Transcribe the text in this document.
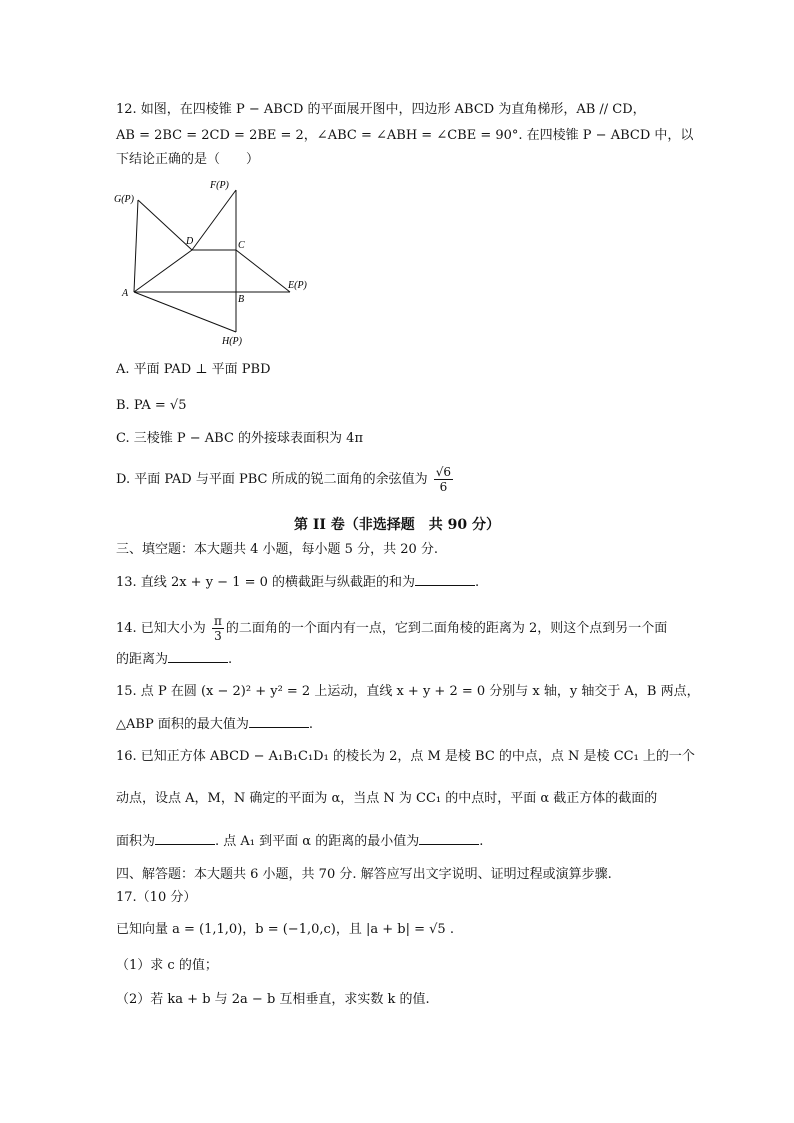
12. 如图，在四棱锥 P − ABCD 的平面展开图中，四边形 ABCD 为直角梯形，AB // CD，
AB = 2BC = 2CD = 2BE = 2，∠ABC = ∠ABH = ∠CBE = 90°. 在四棱锥 P − ABCD 中，以
下结论正确的是（　　）
G(P)
F(P)
D	C
A
B
E(P)
H(P)
A. 平面 PAD ⊥ 平面 PBD
B. PA = √5
C. 三棱锥 P − ABC 的外接球表面积为 4π
D. 平面 PAD 与平面 PBC 所成的锐二面角的余弦值为 $\frac{√6}{6}$
第 II 卷（非选择题　共 90 分）
三、填空题：本大题共 4 小题，每小题 5 分，共 20 分.
13. 直线 2x + y − 1 = 0 的横截距与纵截距的和为	.
14. 已知大小为 $\frac{\pi}{3}$ 的二面角的一个面内有一点，它到二面角棱的距离为 2，则这个点到另一个面
的距离为	.
15. 点 P 在圆 (x − 2)² + y² = 2 上运动，直线 x + y + 2 = 0 分别与 x 轴，y 轴交于 A，B 两点，
△ABP 面积的最大值为	.
16. 已知正方体 ABCD − A₁B₁C₁D₁ 的棱长为 2，点 M 是棱 BC 的中点，点 N 是棱 CC₁ 上的一个
动点，设点 A，M，N 确定的平面为 α，当点 N 为 CC₁ 的中点时，平面 α 截正方体的截面的
面积为	. 点 A₁ 到平面 α 的距离的最小值为	.
四、解答题：本大题共 6 小题，共 70 分. 解答应写出文字说明、证明过程或演算步骤.
17.（10 分）
已知向量 a = (1,1,0)，b = (−1,0,c)，且 |a + b| = √5 .
（1）求 c 的值；
（2）若 ka + b 与 2a − b 互相垂直，求实数 k 的值.
